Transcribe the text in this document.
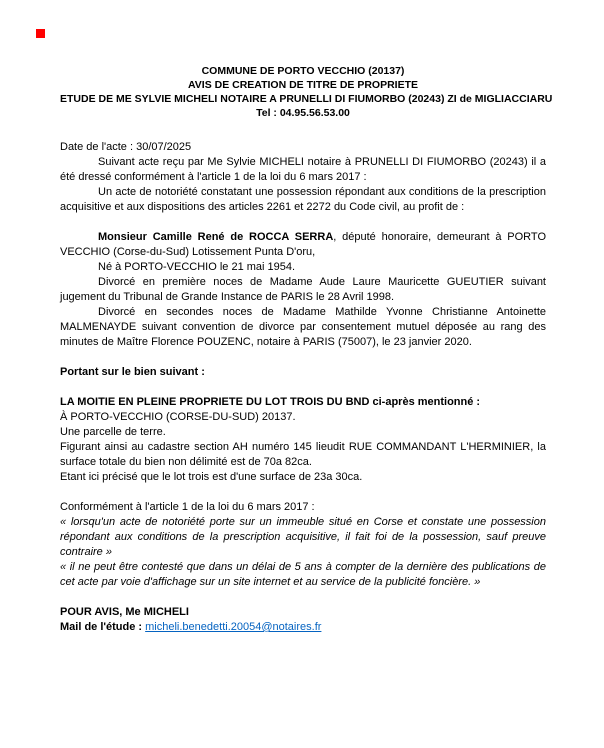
COMMUNE DE PORTO VECCHIO (20137)
AVIS DE CREATION DE TITRE DE PROPRIETE
ETUDE DE ME SYLVIE MICHELI NOTAIRE A PRUNELLI DI FIUMORBO (20243) ZI de MIGLIACCIARU
Tel : 04.95.56.53.00

Date de l'acte : 30/07/2025

Suivant acte reçu par Me Sylvie MICHELI notaire à PRUNELLI DI FIUMORBO (20243) il a été dressé conformément à l'article 1 de la loi du 6 mars 2017 :

Un acte de notoriété constatant une possession répondant aux conditions de la prescription acquisitive et aux dispositions des articles 2261 et 2272 du Code civil, au profit de :

Monsieur Camille René de ROCCA SERRA, député honoraire, demeurant à PORTO VECCHIO (Corse-du-Sud) Lotissement Punta D'oru,

Né à PORTO-VECCHIO le 21 mai 1954.

Divorcé en première noces de Madame Aude Laure Mauricette GUEUTIER suivant jugement du Tribunal de Grande Instance de PARIS le 28 Avril 1998.

Divorcé en secondes noces de Madame Mathilde Yvonne Christianne Antoinette MALMENAYDE suivant convention de divorce par consentement mutuel déposée au rang des minutes de Maître Florence POUZENC, notaire à PARIS (75007), le 23 janvier 2020.

Portant sur le bien suivant :

LA MOITIE EN PLEINE PROPRIETE DU LOT TROIS DU BND ci-après mentionné :

À PORTO-VECCHIO (CORSE-DU-SUD) 20137.

Une parcelle de terre.

Figurant ainsi au cadastre section AH numéro 145 lieudit RUE COMMANDANT L'HERMINIER, la surface totale du bien non délimité est de 70a 82ca.

Etant ici précisé que le lot trois est d'une surface de 23a 30ca.

Conformément à l'article 1 de la loi du 6 mars 2017 :

« lorsqu'un acte de notoriété porte sur un immeuble situé en Corse et constate une possession répondant aux conditions de la prescription acquisitive, il fait foi de la possession, sauf preuve contraire »

« il ne peut être contesté que dans un délai de 5 ans à compter de la dernière des publications de cet acte par voie d'affichage sur un site internet et au service de la publicité foncière. »

POUR AVIS, Me MICHELI

Mail de l'étude : micheli.benedetti.20054@notaires.fr
